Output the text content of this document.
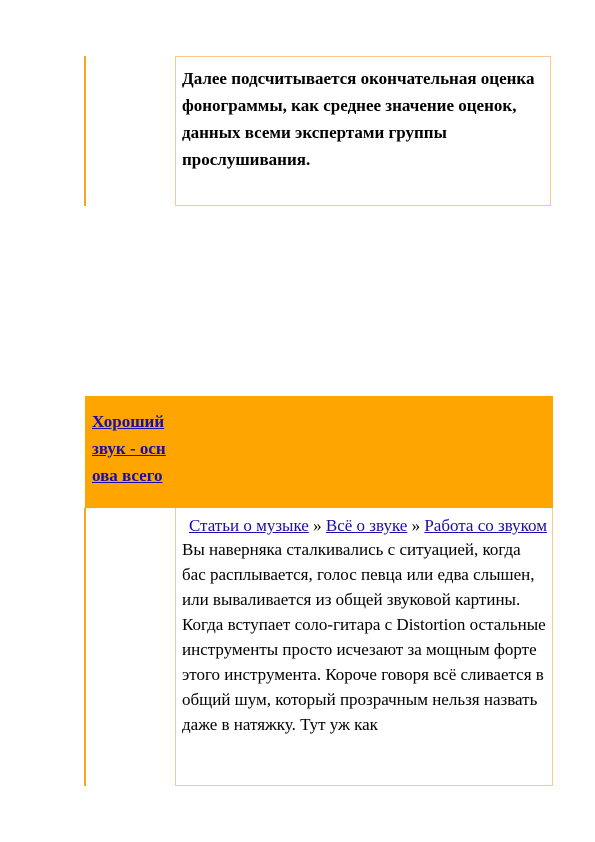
Далее подсчитывается окончательная оценка фонограммы, как среднее значение оценок, данных всеми экспертами группы прослушивания.

Хороший звук - основа всего
Статьи о музыке » Всё о звуке » Работа со звуком

Вы наверняка сталкивались с ситуацией, когда бас расплывается, голос певца или едва слышен, или вываливается из общей звуковой картины. Когда вступает соло-гитара с Distortion остальные инструменты просто исчезают за мощным форте этого инструмента. Короче говоря всё сливается в общий шум, который прозрачным нельзя назвать даже в натяжку. Тут уж как
